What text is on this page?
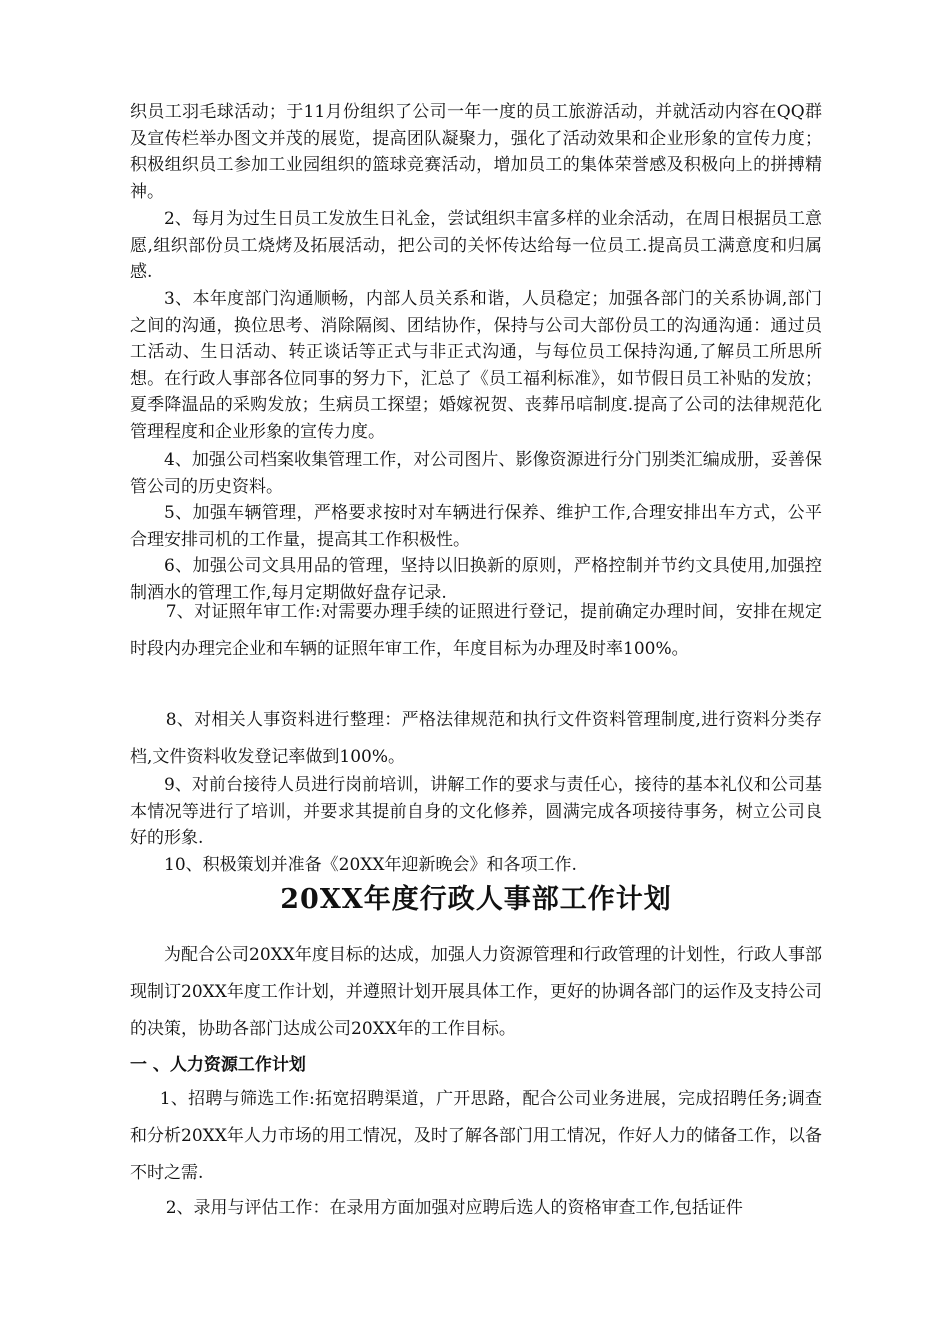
织员工羽毛球活动；于11月份组织了公司一年一度的员工旅游活动，并就活动内容在QQ群及宣传栏举办图文并茂的展览，提高团队凝聚力，强化了活动效果和企业形象的宣传力度；积极组织员工参加工业园组织的篮球竞赛活动，增加员工的集体荣誉感及积极向上的拼搏精神。

2、每月为过生日员工发放生日礼金，尝试组织丰富多样的业余活动，在周日根据员工意愿,组织部份员工烧烤及拓展活动，把公司的关怀传达给每一位员工.提高员工满意度和归属感.

3、本年度部门沟通顺畅，内部人员关系和谐，人员稳定；加强各部门的关系协调,部门之间的沟通，换位思考、消除隔阂、团结协作，保持与公司大部份员工的沟通沟通：通过员工活动、生日活动、转正谈话等正式与非正式沟通，与每位员工保持沟通,了解员工所思所想。在行政人事部各位同事的努力下，汇总了《员工福利标准》，如节假日员工补贴的发放；夏季降温品的采购发放；生病员工探望；婚嫁祝贺、丧葬吊唁制度.提高了公司的法律规范化管理程度和企业形象的宣传力度。

4、加强公司档案收集管理工作，对公司图片、影像资源进行分门别类汇编成册，妥善保管公司的历史资料。

5、加强车辆管理，严格要求按时对车辆进行保养、维护工作,合理安排出车方式，公平合理安排司机的工作量，提高其工作积极性。

6、加强公司文具用品的管理，坚持以旧换新的原则，严格控制并节约文具使用,加强控制酒水的管理工作,每月定期做好盘存记录.

7、对证照年审工作:对需要办理手续的证照进行登记，提前确定办理时间，安排在规定时段内办理完企业和车辆的证照年审工作，年度目标为办理及时率100%。

8、对相关人事资料进行整理：严格法律规范和执行文件资料管理制度,进行资料分类存档,文件资料收发登记率做到100%。

9、对前台接待人员进行岗前培训，讲解工作的要求与责任心，接待的基本礼仪和公司基本情况等进行了培训，并要求其提前自身的文化修养，圆满完成各项接待事务，树立公司良好的形象.

10、积极策划并准备《20XX年迎新晚会》和各项工作.

20XX年度行政人事部工作计划

为配合公司20XX年度目标的达成，加强人力资源管理和行政管理的计划性，行政人事部现制订20XX年度工作计划，并遵照计划开展具体工作，更好的协调各部门的运作及支持公司的决策，协助各部门达成公司20XX年的工作目标。

一 、人力资源工作计划

1、招聘与筛选工作:拓宽招聘渠道，广开思路，配合公司业务进展，完成招聘任务;调查和分析20XX年人力市场的用工情况，及时了解各部门用工情况，作好人力的储备工作，以备不时之需.

2、录用与评估工作：在录用方面加强对应聘后选人的资格审查工作,包括证件
